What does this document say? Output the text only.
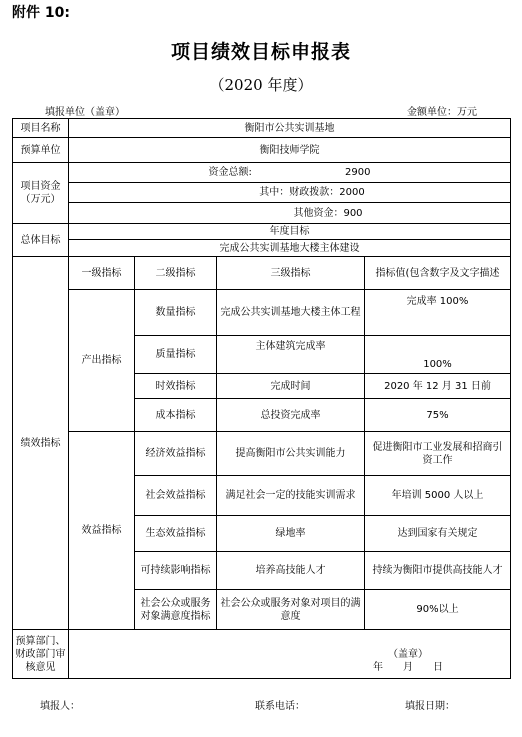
附件 10:
项目绩效目标申报表
（2020 年度）
填报单位（盖章）	金额单位：万元
项目名称	衡阳市公共实训基地			
预算单位	衡阳技师学院			
项目资金（万元）	资金总额: 2900			
	其中：财政拨款：2000			
	其他资金：900			
总体目标	年度目标			
	完成公共实训基地大楼主体建设			
绩效指标	一级指标	二级指标	三级指标	指标值(包含数字及文字描述
	产出指标	数量指标	完成公共实训基地大楼主体工程	完成率 100%
		质量指标	主体建筑完成率	100%
		时效指标	完成时间	2020 年 12 月 31 日前
		成本指标	总投资完成率	75%
	效益指标	经济效益指标	提高衡阳市公共实训能力	促进衡阳市工业发展和招商引资工作
		社会效益指标	满足社会一定的技能实训需求	年培训 5000 人以上
		生态效益指标	绿地率	达到国家有关规定
		可持续影响指标	培养高技能人才	持续为衡阳市提供高技能人才
		社会公众或服务对象满意度指标	社会公众或服务对象对项目的满意度	90%以上
预算部门、财政部门审核意见	（盖章）
年　　月　　日			
填报人：	联系电话：	填报日期：
